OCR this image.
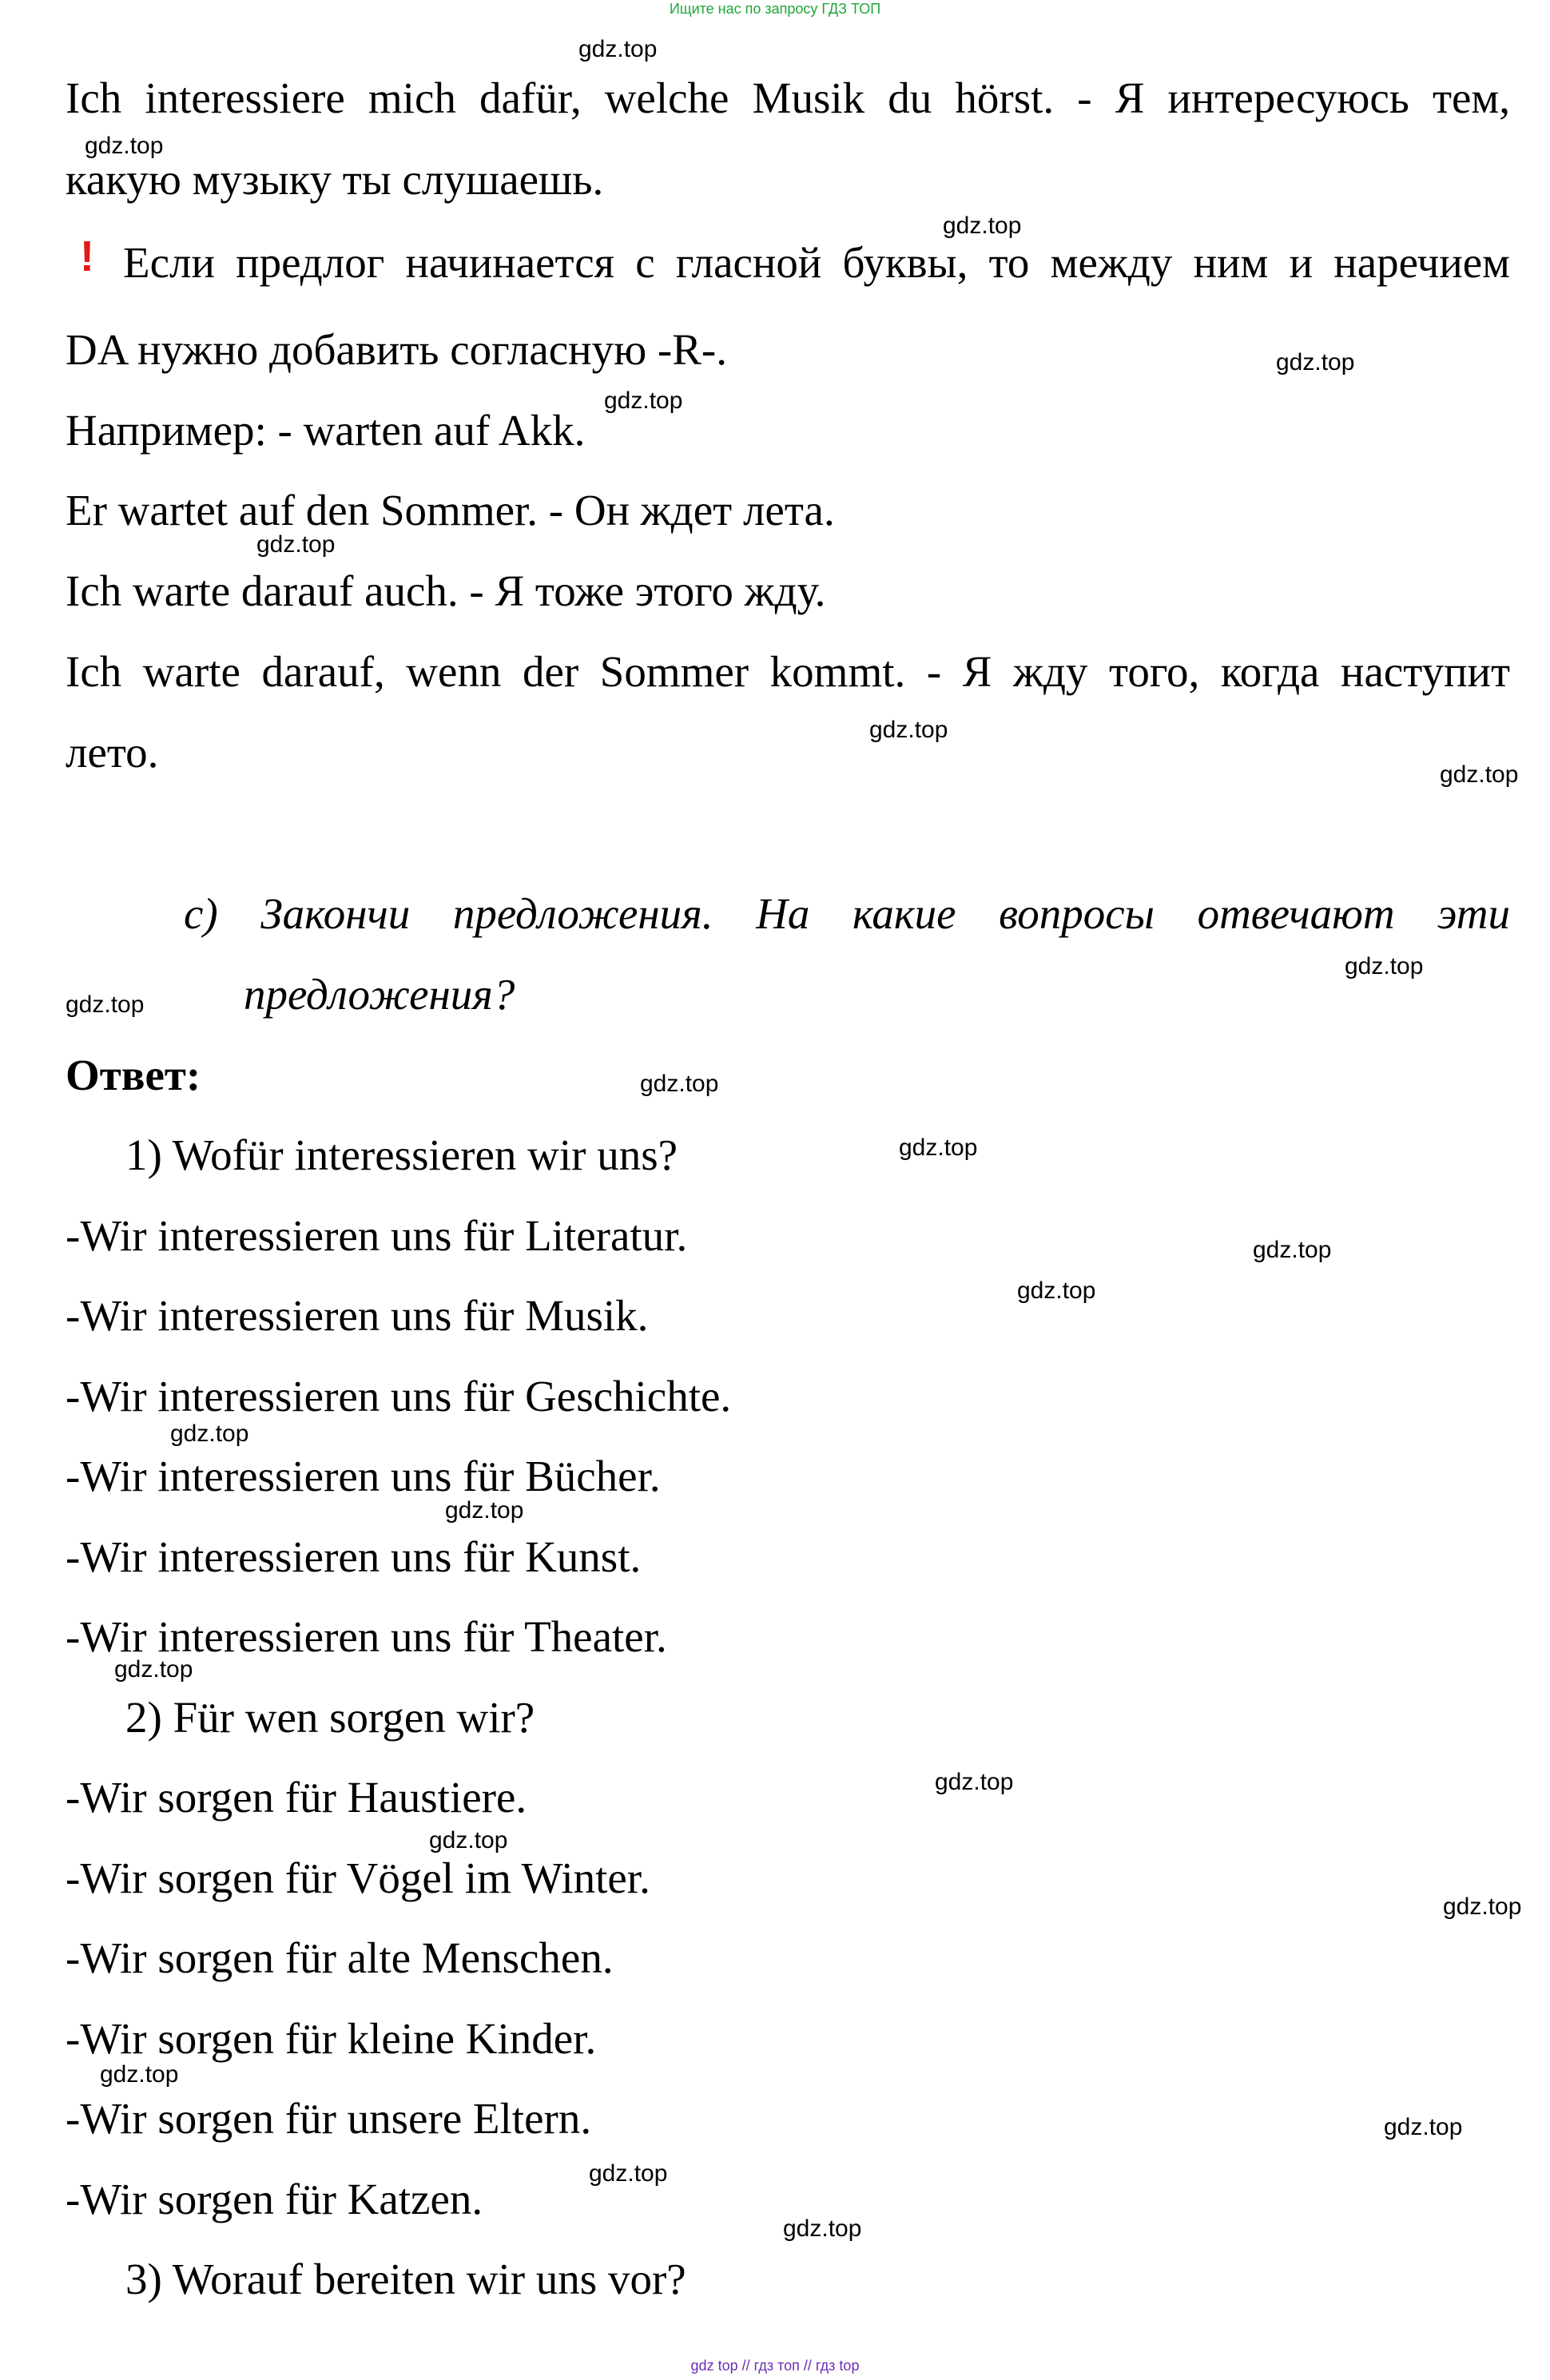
Ищите нас по запросу ГДЗ ТОП
Ich interessiere mich dafür, welche Musik du hörst. - Я интересуюсь тем,
какую музыку ты слушаешь.
! Если предлог начинается с гласной буквы, то между ним и наречием
DA нужно добавить согласную -R-.
Например: - warten auf Akk.
Er wartet auf den Sommer. - Он ждет лета.
Ich warte darauf auch. - Я тоже этого жду.
Ich warte darauf, wenn der Sommer kommt. - Я жду того, когда наступит
лето.
c) Закончи предложения. На какие вопросы отвечают эти
предложения?
Ответ:
1) Wofür interessieren wir uns?
-Wir interessieren uns für Literatur.
-Wir interessieren uns für Musik.
-Wir interessieren uns für Geschichte.
-Wir interessieren uns für Bücher.
-Wir interessieren uns für Kunst.
-Wir interessieren uns für Theater.
2) Für wen sorgen wir?
-Wir sorgen für Haustiere.
-Wir sorgen für Vögel im Winter.
-Wir sorgen für alte Menschen.
-Wir sorgen für kleine Kinder.
-Wir sorgen für unsere Eltern.
-Wir sorgen für Katzen.
3) Worauf bereiten wir uns vor?
gdz.top
gdz.top
gdz.top
gdz.top
gdz.top
gdz.top
gdz.top
gdz.top
gdz.top
gdz.top
gdz.top
gdz.top
gdz.top
gdz.top
gdz.top
gdz.top
gdz.top
gdz.top
gdz.top
gdz.top
gdz.top
gdz.top
gdz.top
gdz.top
gdz top // гдз топ // гдз top
